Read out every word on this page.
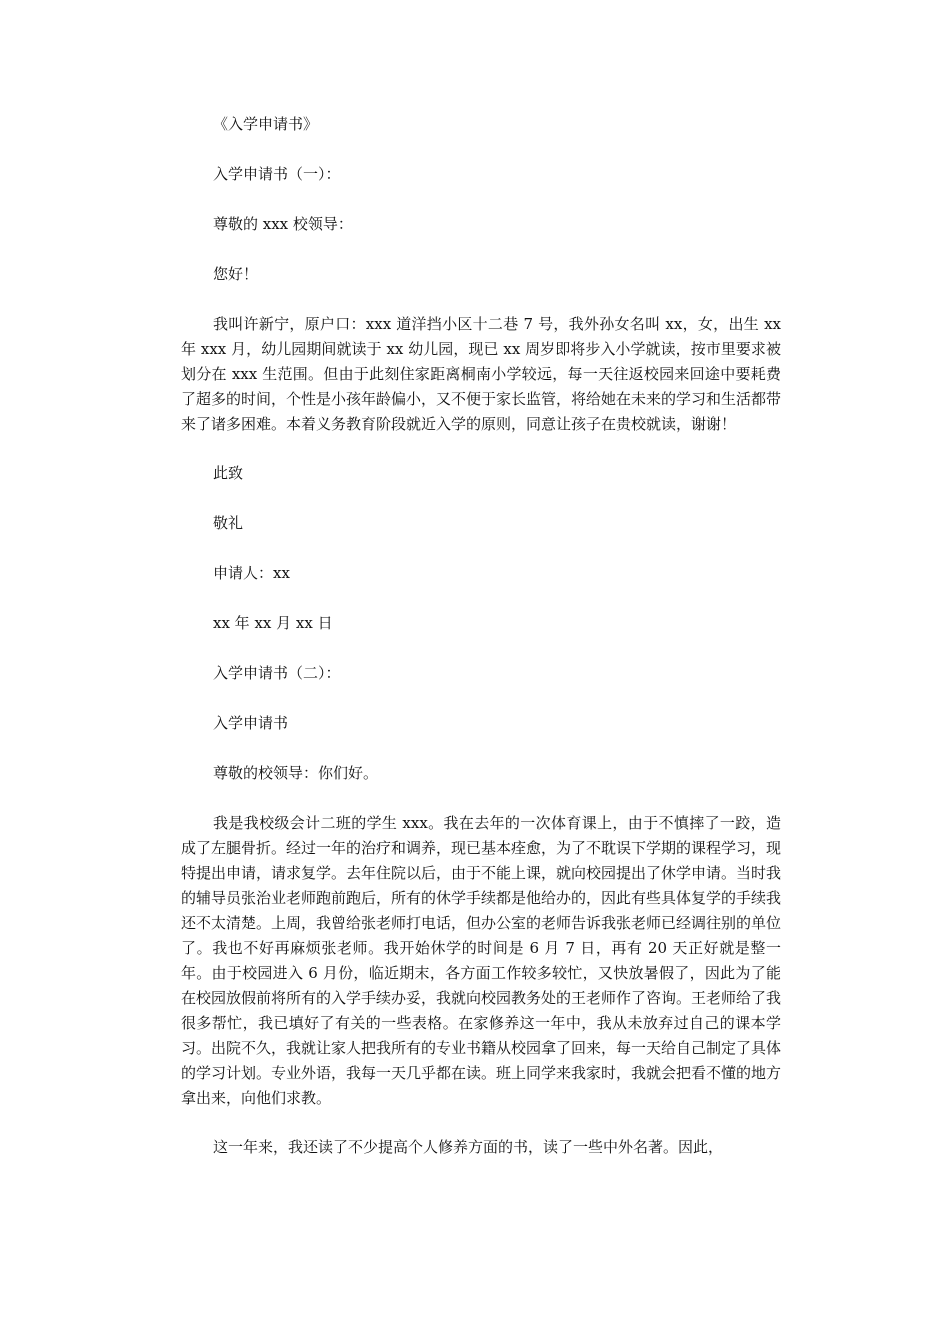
《入学申请书》

入学申请书（一）：

尊敬的 xxx 校领导：

您好！

我叫许新宁，原户口：xxx 道洋挡小区十二巷 7 号，我外孙女名叫 xx，女，出生 xx 年 xxx 月，幼儿园期间就读于 xx 幼儿园，现已 xx 周岁即将步入小学就读，按市里要求被划分在 xxx 生范围。但由于此刻住家距离桐南小学较远，每一天往返校园来回途中要耗费了超多的时间，个性是小孩年龄偏小，又不便于家长监管，将给她在未来的学习和生活都带来了诸多困难。本着义务教育阶段就近入学的原则，同意让孩子在贵校就读，谢谢！

此致

敬礼

申请人：xx

xx 年 xx 月 xx 日

入学申请书（二）：

入学申请书

尊敬的校领导：你们好。

我是我校级会计二班的学生 xxx。我在去年的一次体育课上，由于不慎摔了一跤，造成了左腿骨折。经过一年的治疗和调养，现已基本痊愈，为了不耽误下学期的课程学习，现特提出申请，请求复学。去年住院以后，由于不能上课，就向校园提出了休学申请。当时我的辅导员张治业老师跑前跑后，所有的休学手续都是他给办的，因此有些具体复学的手续我还不太清楚。上周，我曾给张老师打电话，但办公室的老师告诉我张老师已经调往别的单位了。我也不好再麻烦张老师。我开始休学的时间是 6 月 7 日，再有 20 天正好就是整一年。由于校园进入 6 月份，临近期末，各方面工作较多较忙，又快放暑假了，因此为了能在校园放假前将所有的入学手续办妥，我就向校园教务处的王老师作了咨询。王老师给了我很多帮忙，我已填好了有关的一些表格。在家修养这一年中，我从未放弃过自己的课本学习。出院不久，我就让家人把我所有的专业书籍从校园拿了回来，每一天给自己制定了具体的学习计划。专业外语，我每一天几乎都在读。班上同学来我家时，我就会把看不懂的地方拿出来，向他们求教。

这一年来，我还读了不少提高个人修养方面的书，读了一些中外名著。因此，
